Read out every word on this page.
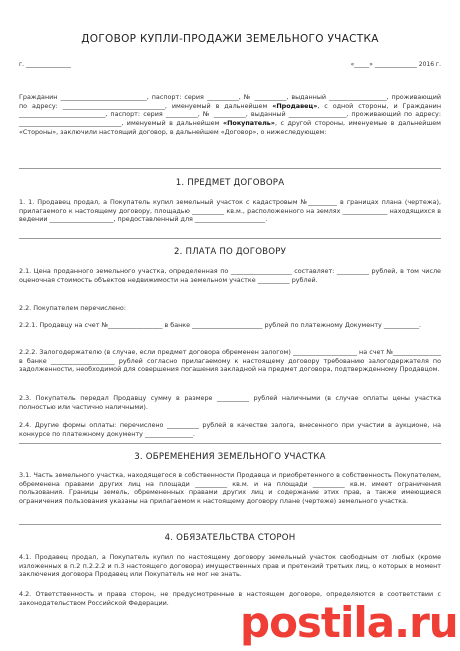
ДОГОВОР КУПЛИ-ПРОДАЖИ ЗЕМЕЛЬНОГО УЧАСТКА
г. _______________	«_____» ______________ 2016 г.
Гражданин ___________________________, паспорт: серия __________, № __________, выданный __________________, проживающий по адресу: ________________________________, именуемый в дальнейшем «Продавец», с одной стороны, и Гражданин ___________________________, паспорт: серия __________, № __________, выданный __________________, проживающий по адресу: ________________________________, именуемый в дальнейшем «Покупатель», с другой стороны, именуемые в дальнейшем «Стороны», заключили настоящий договор, в дальнейшем «Договор», о нижеследующем:
1. ПРЕДМЕТ ДОГОВОРА
1. 1. Продавец продал, а Покупатель купил земельный участок с кадастровым №_________ в границах плана (чертежа), прилагаемого к настоящему договору, площадью __________ кв.м., расположенного на землях ______________ находящихся в ведении ____________________, предоставленный для ______________________.
2. ПЛАТА ПО ДОГОВОРУ
2.1. Цена проданного земельного участка, определенная по ___________________ составляет: __________ рублей, в том числе оценочная стоимость объектов недвижимости на земельном участке __________ рублей.
2.2. Покупателем перечислено:
2.2.1. Продавцу на счет №_________________ в банке ______________________ рублей по платежному Документу ___________.
2.2.2. Залогодержателю (в случае, если предмет договора обременен залогом) ____________________ на счет №_______________ в банке ____________________ рублей согласно прилагаемому к настоящему договору требованию залогодержателя по задолженности, необходимой для совершения погашения закладной на предмет договора, подтвержденному Продавцом.
2.3. Покупатель передал Продавцу сумму в размере __________ рублей наличными (в случае оплаты цены участка полностью или частично наличными).
2.4. Другие формы оплаты: перечислено __________ рублей в качестве залога, внесенного при участии в аукционе, на конкурсе по платежному документу _______________.
3. ОБРЕМЕНЕНИЯ ЗЕМЕЛЬНОГО УЧАСТКА
3.1. Часть земельного участка, находящегося в собственности Продавца и приобретенного в собственность Покупателем, обременена правами других лиц на площади __________ кв.м. и на площади __________ кв.м. имеет ограничения пользования. Границы земель, обремененных правами других лиц и содержание этих прав, а также имеющиеся ограничения пользования указаны на прилагаемом к настоящему договору плане (чертеже) земельного участка.
4. ОБЯЗАТЕЛЬСТВА СТОРОН
4.1. Продавец продал, а Покупатель купил по настоящему договору земельный участок свободным от любых (кроме изложенных в п.2 п.2.2.2 и п.3 настоящего договора) имущественных прав и претензий третьих лиц, о которых в момент заключения договора Продавец или Покупатель не мог не знать.
4.2. Ответственность и права сторон, не предусмотренные в настоящем договоре, определяются в соответствии с законодательством Российской Федерации.	postila.ru
